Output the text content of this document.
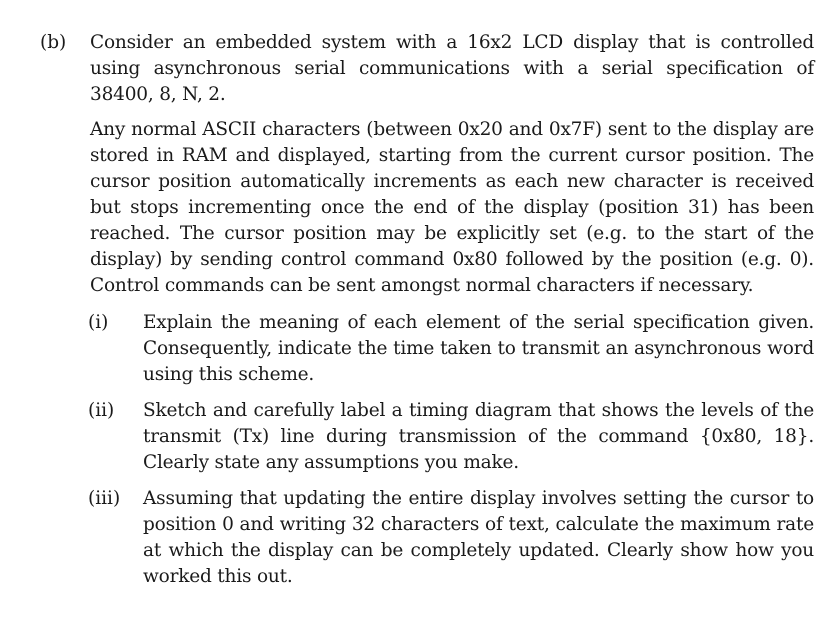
(b) Consider an embedded system with a 16x2 LCD display that is controlled using asynchronous serial communications with a serial specification of 38400, 8, N, 2.

Any normal ASCII characters (between 0x20 and 0x7F) sent to the display are stored in RAM and displayed, starting from the current cursor position. The cursor position automatically increments as each new character is received but stops incrementing once the end of the display (position 31) has been reached. The cursor position may be explicitly set (e.g. to the start of the display) by sending control command 0x80 followed by the position (e.g. 0). Control commands can be sent amongst normal characters if necessary.

(i) Explain the meaning of each element of the serial specification given. Consequently, indicate the time taken to transmit an asynchronous word using this scheme.

(ii) Sketch and carefully label a timing diagram that shows the levels of the transmit (Tx) line during transmission of the command {0x80, 18}. Clearly state any assumptions you make.

(iii) Assuming that updating the entire display involves setting the cursor to position 0 and writing 32 characters of text, calculate the maximum rate at which the display can be completely updated. Clearly show how you worked this out.
